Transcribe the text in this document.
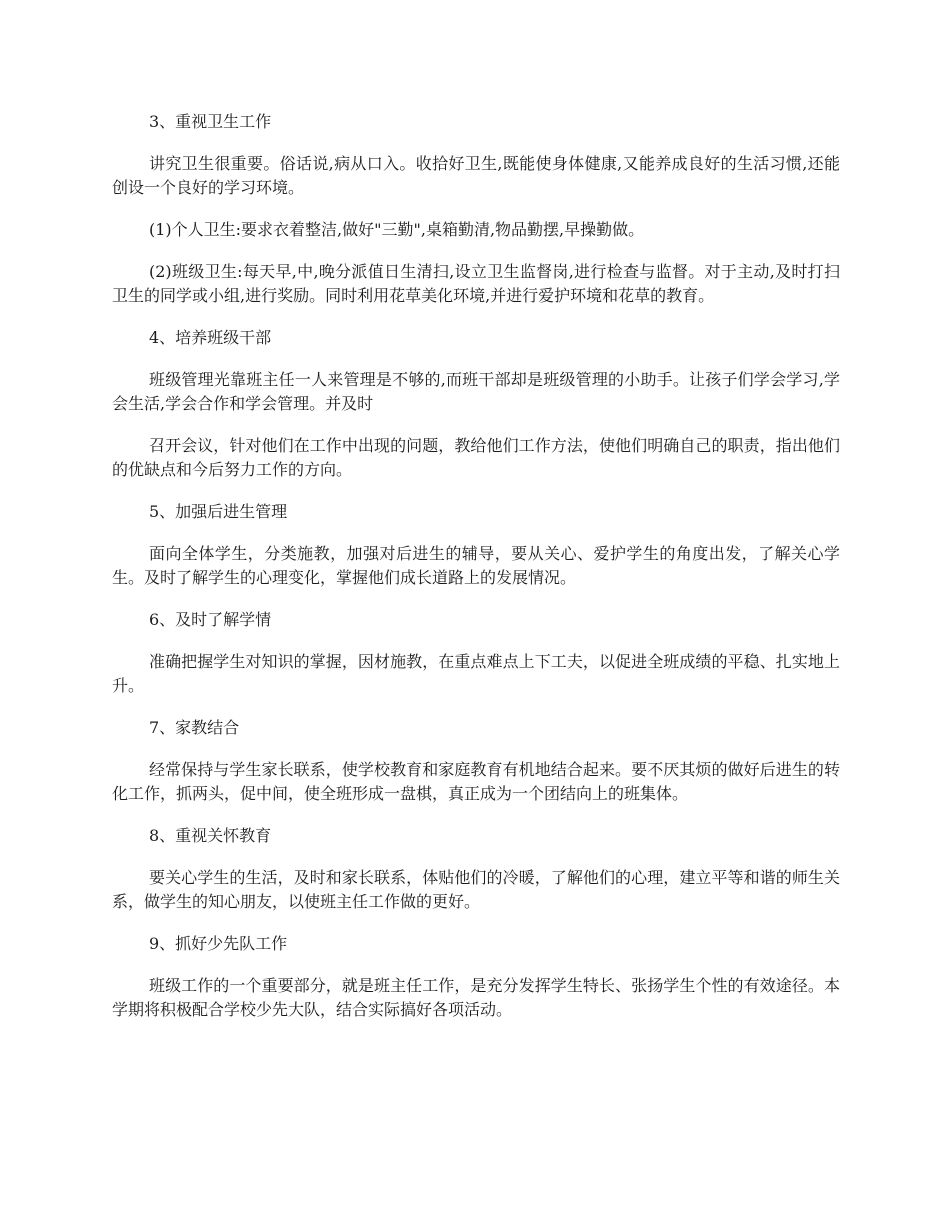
3、重视卫生工作

讲究卫生很重要。俗话说,病从口入。收拾好卫生,既能使身体健康,又能养成良好的生活习惯,还能创设一个良好的学习环境。

(1)个人卫生:要求衣着整洁,做好"三勤",桌箱勤清,物品勤摆,早操勤做。

(2)班级卫生:每天早,中,晚分派值日生清扫,设立卫生监督岗,进行检查与监督。对于主动,及时打扫卫生的同学或小组,进行奖励。同时利用花草美化环境,并进行爱护环境和花草的教育。

4、培养班级干部

班级管理光靠班主任一人来管理是不够的,而班干部却是班级管理的小助手。让孩子们学会学习,学会生活,学会合作和学会管理。并及时

召开会议，针对他们在工作中出现的问题，教给他们工作方法，使他们明确自己的职责，指出他们的优缺点和今后努力工作的方向。

5、加强后进生管理

面向全体学生，分类施教，加强对后进生的辅导，要从关心、爱护学生的角度出发，了解关心学生。及时了解学生的心理变化，掌握他们成长道路上的发展情况。

6、及时了解学情

准确把握学生对知识的掌握，因材施教，在重点难点上下工夫，以促进全班成绩的平稳、扎实地上升。

7、家教结合

经常保持与学生家长联系，使学校教育和家庭教育有机地结合起来。要不厌其烦的做好后进生的转化工作，抓两头，促中间，使全班形成一盘棋，真正成为一个团结向上的班集体。

8、重视关怀教育

要关心学生的生活，及时和家长联系，体贴他们的冷暖，了解他们的心理，建立平等和谐的师生关系，做学生的知心朋友，以使班主任工作做的更好。

9、抓好少先队工作

班级工作的一个重要部分，就是班主任工作，是充分发挥学生特长、张扬学生个性的有效途径。本学期将积极配合学校少先大队，结合实际搞好各项活动。
